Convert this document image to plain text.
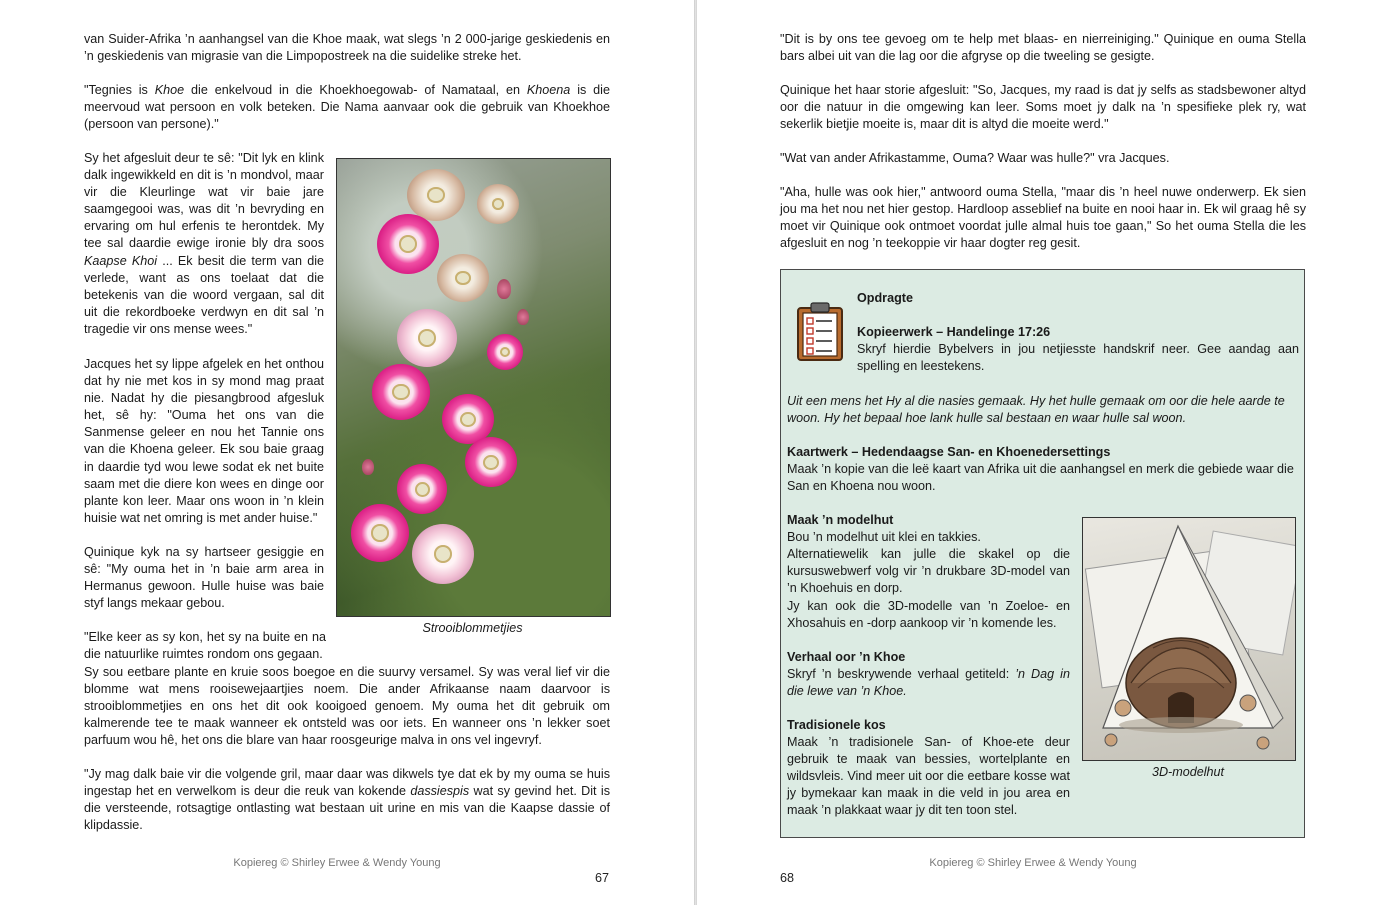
van Suider-Afrika ’n aanhangsel van die Khoe maak, wat slegs ’n 2 000-jarige geskiedenis en ’n geskiedenis van migrasie van die Limpopostreek na die suidelike streke het.

"Tegnies is Khoe die enkelvoud in die Khoekhoegowab- of Namataal, en Khoena is die meervoud wat persoon en volk beteken. Die Nama aanvaar ook die gebruik van Khoekhoe (persoon van persone)."

Sy het afgesluit deur te sê: "Dit lyk en klink dalk ingewikkeld en dit is ’n mondvol, maar vir die Kleurlinge wat vir baie jare saamgegooi was, was dit ’n bevryding en ervaring om hul erfenis te herontdek. My tee sal daardie ewige ironie bly dra soos Kaapse Khoi ... Ek besit die term van die verlede, want as ons toelaat dat die betekenis van die woord vergaan, sal dit uit die rekordboeke verdwyn en dit sal ’n tragedie vir ons mense wees."

Jacques het sy lippe afgelek en het onthou dat hy nie met kos in sy mond mag praat nie. Nadat hy die piesangbrood afgesluk het, sê hy: "Ouma het ons van die Sanmense geleer en nou het Tannie ons van die Khoena geleer. Ek sou baie graag in daardie tyd wou lewe sodat ek net buite saam met die diere kon wees en dinge oor plante kon leer. Maar ons woon in ’n klein huisie wat net omring is met ander huise."

Quinique kyk na sy hartseer gesiggie en sê: "My ouma het in ’n baie arm area in Hermanus gewoon. Hulle huise was baie styf langs mekaar gebou.

"Elke keer as sy kon, het sy na buite en na die natuurlike ruimtes rondom ons gegaan.

Sy sou eetbare plante en kruie soos boegoe en die suurvy versamel. Sy was veral lief vir die blomme wat mens rooisewejaartjies noem. Die ander Afrikaanse naam daarvoor is strooiblommetjies en ons het dit ook kooigoed genoem. My ouma het dit gebruik om kalmerende tee te maak wanneer ek ontsteld was oor iets. En wanneer ons ’n lekker soet parfuum wou hê, het ons die blare van haar roosgeurige malva in ons vel ingevryf.

"Jy mag dalk baie vir die volgende gril, maar daar was dikwels tye dat ek by my ouma se huis ingestap het en verwelkom is deur die reuk van kokende dassiespis wat sy gevind het. Dit is die versteende, rotsagtige ontlasting wat bestaan uit urine en mis van die Kaapse dassie of klipdassie.

Strooiblommetjies
Kopiereg © Shirley Erwee & Wendy Young
67

"Dit is by ons tee gevoeg om te help met blaas- en nierreiniging." Quinique en ouma Stella bars albei uit van die lag oor die afgryse op die tweeling se gesigte.

Quinique het haar storie afgesluit: "So, Jacques, my raad is dat jy selfs as stadsbewoner altyd oor die natuur in die omgewing kan leer. Soms moet jy dalk na ’n spesifieke plek ry, wat sekerlik bietjie moeite is, maar dit is altyd die moeite werd."

"Wat van ander Afrikastamme, Ouma? Waar was hulle?" vra Jacques.

"Aha, hulle was ook hier," antwoord ouma Stella, "maar dis ’n heel nuwe onderwerp. Ek sien jou ma het nou net hier gestop. Hardloop asseblief na buite en nooi haar in. Ek wil graag hê sy moet vir Quinique ook ontmoet voordat julle almal huis toe gaan," So het ouma Stella die les afgesluit en nog ’n teekoppie vir haar dogter reg gesit.

Opdragte
Kopieerwerk – Handelinge 17:26

Skryf hierdie Bybelvers in jou netjiesste handskrif neer. Gee aandag aan spelling en leestekens.

Uit een mens het Hy al die nasies gemaak. Hy het hulle gemaak om oor die hele aarde te woon. Hy het bepaal hoe lank hulle sal bestaan en waar hulle sal woon.

Kaartwerk – Hedendaagse San- en Khoenedersettings

Maak ’n kopie van die leë kaart van Afrika uit die aanhangsel en merk die gebiede waar die San en Khoena nou woon.

Maak ’n modelhut
Bou ’n modelhut uit klei en takkies.

Alternatiewelik kan julle die skakel op die kursuswebwerf volg vir ’n drukbare 3D-model van ’n Khoehuis en dorp.

Jy kan ook die 3D-modelle van ’n Zoeloe- en Xhosahuis en -dorp aankoop vir ’n komende les.

Verhaal oor ’n Khoe

Skryf ’n beskrywende verhaal getiteld: ’n Dag in die lewe van ’n Khoe.

Tradisionele kos

Maak ’n tradisionele San- of Khoe-ete deur gebruik te maak van bessies, wortelplante en wildsvleis. Vind meer uit oor die eetbare kosse wat jy bymekaar kan maak in die veld in jou area en maak ’n plakkaat waar jy dit ten toon stel.

3D-modelhut
Kopiereg © Shirley Erwee & Wendy Young
68
